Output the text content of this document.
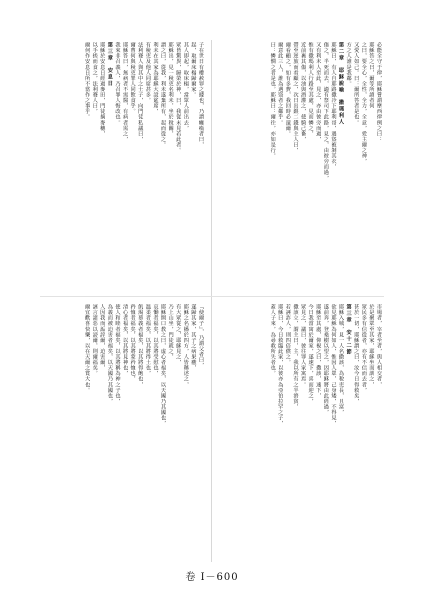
必能全守于律，耶穌嘗謂摩西律例之曰：
耶穌答之曰，爾等所讀者何
之曰，要全心，全性，全力，全意，愛主爾之神，
又愛人如己。曰：爾所答者是也。
方之人誰是我鄰。
第二章　耶穌說喻　撒瑪利人
耶穌曰，有人自耶路撒冷下耶利哥，遇盜被剝其衣，
傷之，半死而去，適有祭司下此路，見之，由彼旁而過，
又有利未人至此，見之，亦由彼旁而過，
惟有撒瑪利人行路至其處，見而憐之，
近前裹其傷，以油與酒灌之，使騎己畜，
帶至逆旅而看顧之，次日出銀二錢與主人曰，
爾看顧之，如有多費，我回時必還爾。
爾意此三人，誰為遇盜者之鄰乎。
曰：憐憫之者是也。耶穌曰：爾往，亦如是行。
子在世日有權赦罪之據也，乃謂癱瘓者曰，
起，取爾床榻歸爾家。
其人即起，取床榻，當眾人前出去，
眾皆驚異，歸榮於神，曰，我從未見若此者。
耶穌出，見一稅吏名利未，坐於稅關，
謂之曰，從我，利未遂棄所有，起而從之。
利未在其家為耶穌大設筵席，
有稅吏及他人同席甚多。
法利賽人與其中之士子，向門徒私議曰，
爾曹何與稅吏罪人同飲食乎。
耶穌答曰，無病者不需醫，有病者需之，
我來非召義人，乃召罪人悔改也。
第三章　安息日
耶穌於安息日經過麥田，門徒摘麥穗，
以手搓而食之，法利賽人曰，
爾何作安息日所不當作之事乎。
市場者，宰者至者，與人相交者，
於是聚眾至其家，耶穌坐而訓之，
眾民多有信從者，亦有不信而去者，
甚於一切，耶穌謂之曰，汝今日得救矣，
第三章　安十二節
耶穌入城，見一人名撒該，為稅吏長，且富，
欲見耶穌為何如人，惟因人眾，己身矮，不得見，
遂前奔，登桑樹以望之，因耶穌將由此經過，
耶穌至其處，仰視之曰，撒該，速下，
今日我當寓於爾家，遂速下，喜而迎之，
眾見之，議曰，彼往罪人家寓焉。
撒該立，謂主曰，主，我以所有之半濟貧，
若誣詐人，則四倍償之。
耶穌曰，今日救臨此家，以彼亦為亞伯拉罕之子，
蓋人子來，為尋救所失者也。
『使爾子』，乃謂父者曰，
遂歸其家，其子之病果癒，
耶穌之名播於四方，人皆稱述之，
有大眾從之，耶穌見之，
乃上山坐，門徒就之，
耶穌開口教之曰，虛心者福矣，以天國乃其國也，
哀慟者福矣，以其將受慰也，
溫柔者福矣，以其將得土也，
飢渴慕義者福矣，以其將得飽也，
矜恤者福矣，以其將蒙矜恤也，
清心者福矣，以其將見神也，
使人和睦者福矣，以其將稱為神之子也，
為義而被迫害者福矣，以天國乃其國也，
人因我而詬誶爾，迫害爾，
誣言諸惡以謗爾，則爾福矣。
爾宜歡喜快樂，以在天爾之賞大也。
卷 I－600
